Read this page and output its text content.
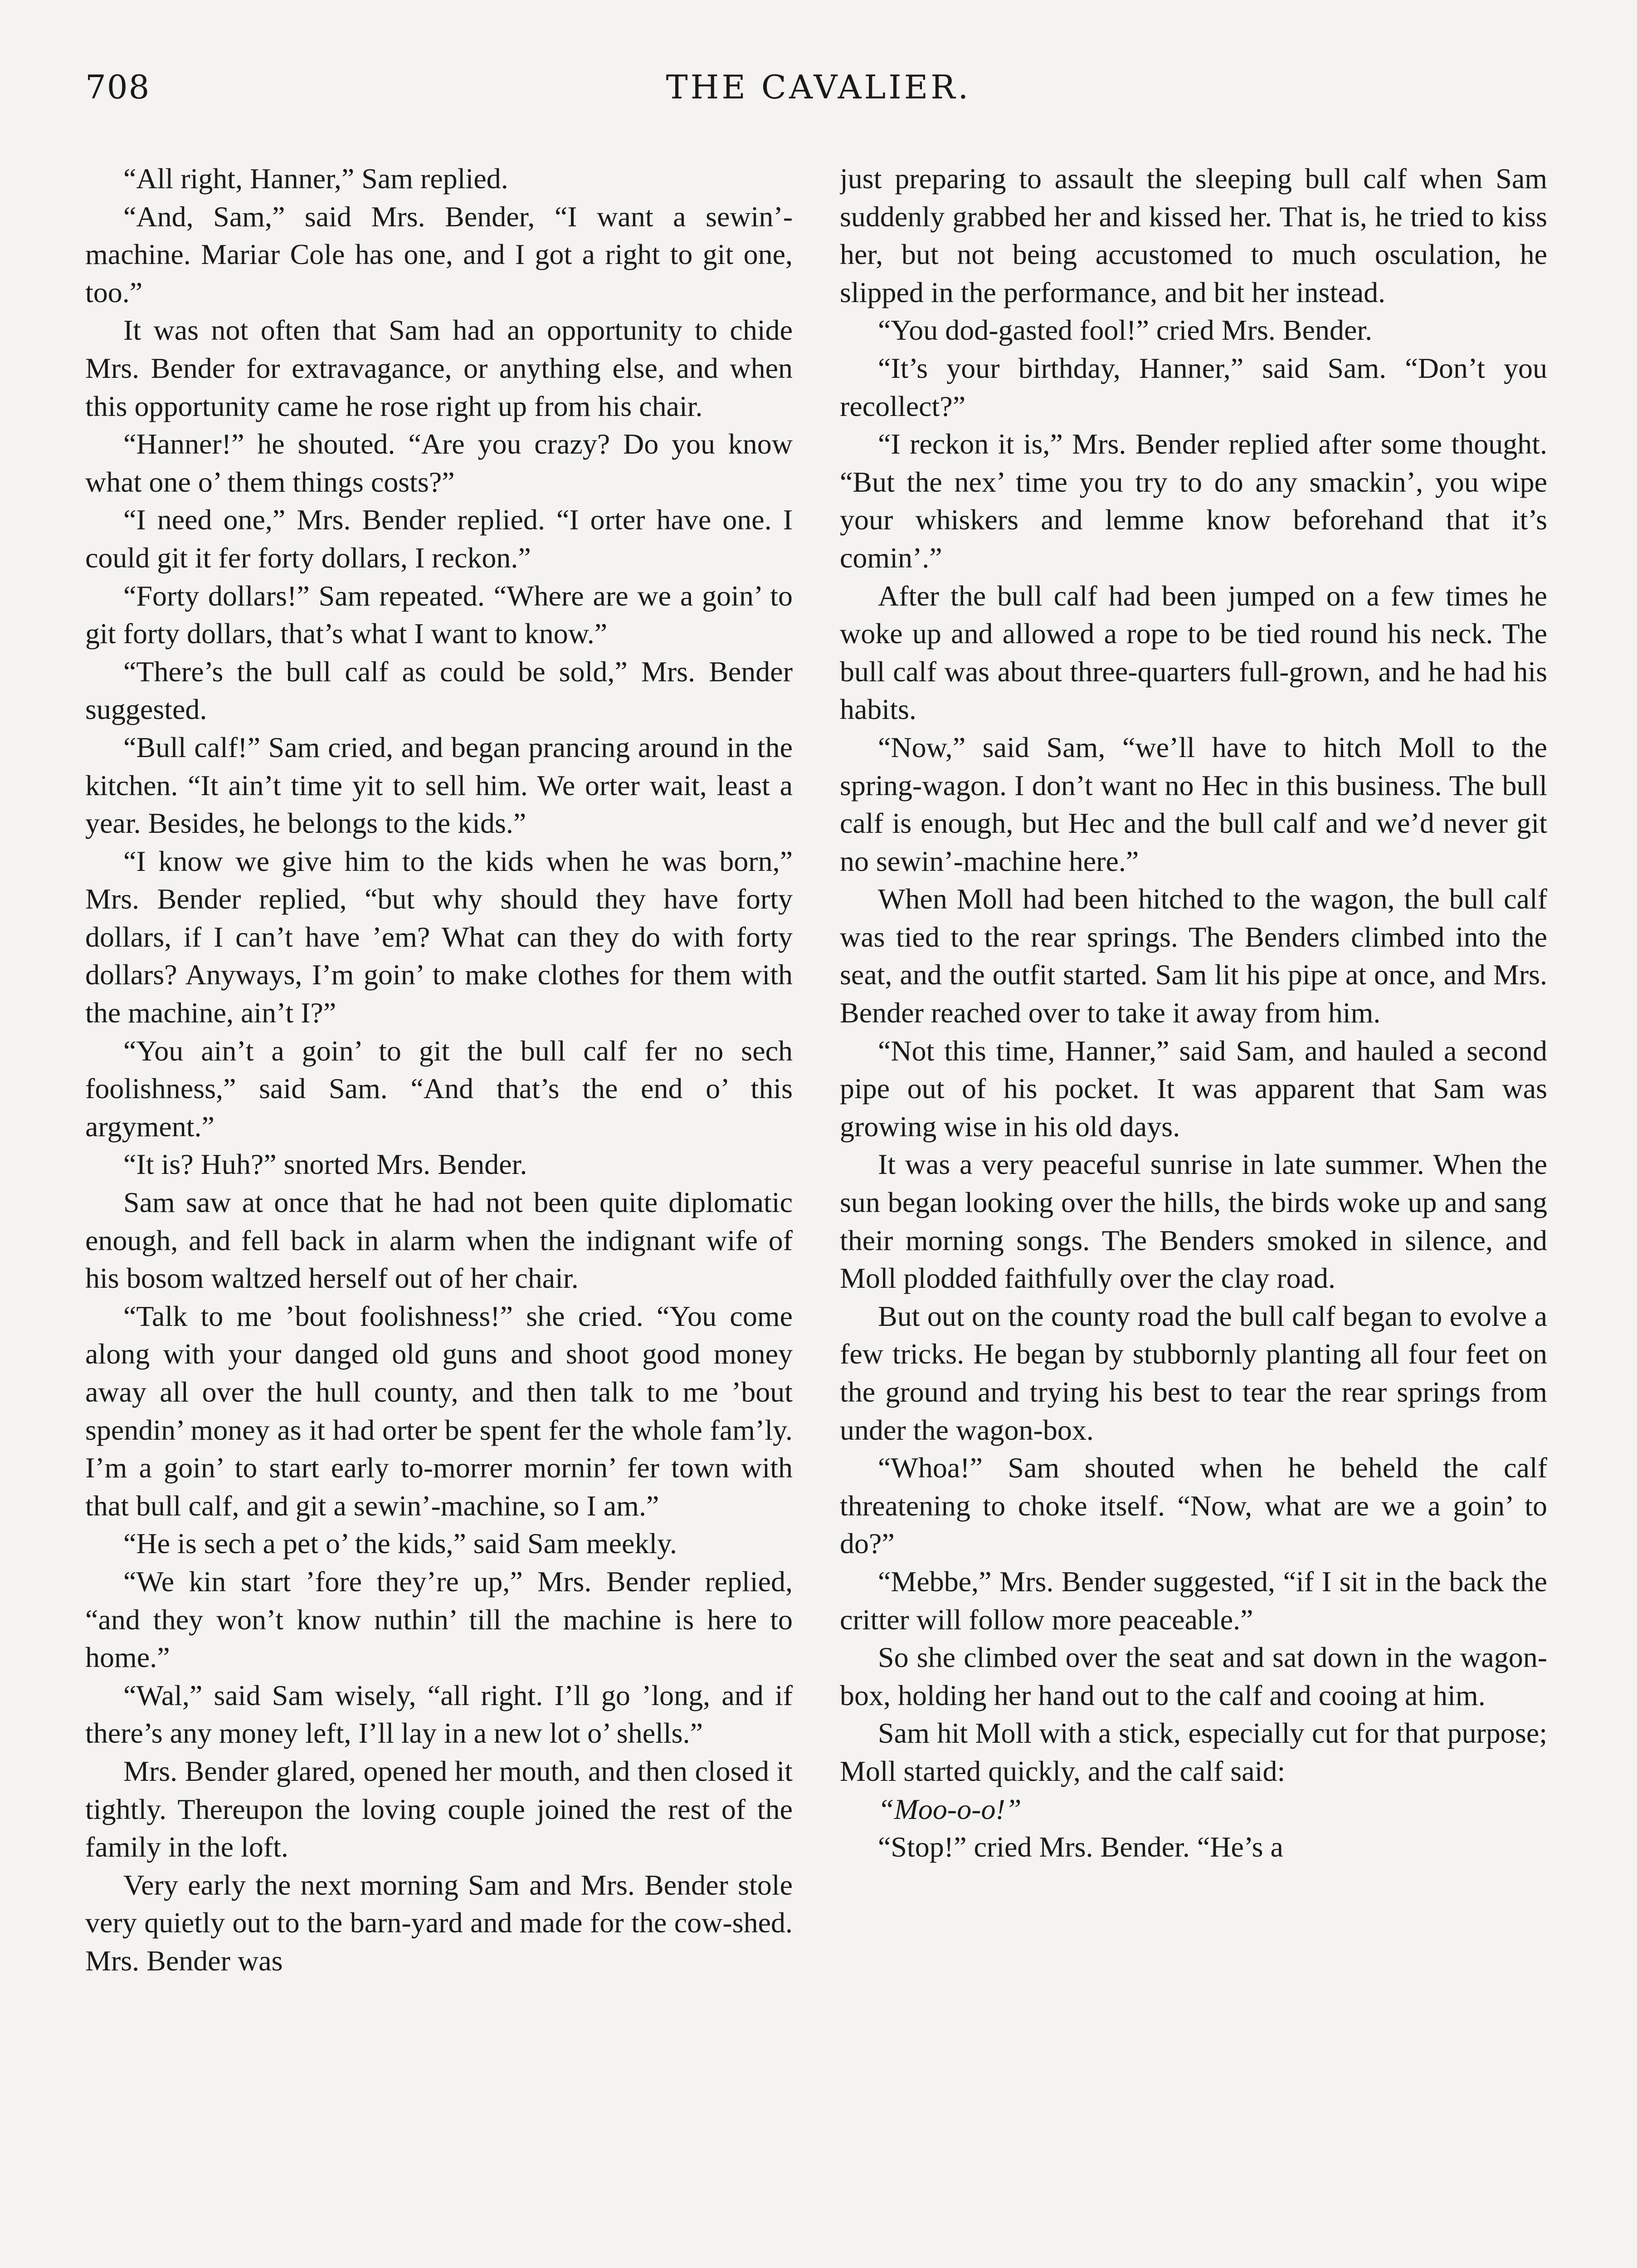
708	THE CAVALIER.

“All right, Hanner,” Sam replied.

“And, Sam,” said Mrs. Bender, “I want a sewin’-machine. Mariar Cole has one, and I got a right to git one, too.”

It was not often that Sam had an opportunity to chide Mrs. Bender for extravagance, or anything else, and when this opportunity came he rose right up from his chair.

“Hanner!” he shouted. “Are you crazy? Do you know what one o’ them things costs?”

“I need one,” Mrs. Bender replied. “I orter have one. I could git it fer forty dollars, I reckon.”

“Forty dollars!” Sam repeated. “Where are we a goin’ to git forty dollars, that’s what I want to know.”

“There’s the bull calf as could be sold,” Mrs. Bender suggested.

“Bull calf!” Sam cried, and began prancing around in the kitchen. “It ain’t time yit to sell him. We orter wait, least a year. Besides, he belongs to the kids.”

“I know we give him to the kids when he was born,” Mrs. Bender replied, “but why should they have forty dollars, if I can’t have ’em? What can they do with forty dollars? Anyways, I’m goin’ to make clothes for them with the machine, ain’t I?”

“You ain’t a goin’ to git the bull calf fer no sech foolishness,” said Sam. “And that’s the end o’ this argyment.”

“It is? Huh?” snorted Mrs. Bender.

Sam saw at once that he had not been quite diplomatic enough, and fell back in alarm when the indignant wife of his bosom waltzed herself out of her chair.

“Talk to me ’bout foolishness!” she cried. “You come along with your danged old guns and shoot good money away all over the hull county, and then talk to me ’bout spendin’ money as it had orter be spent fer the whole fam’ly. I’m a goin’ to start early to-morrer mornin’ fer town with that bull calf, and git a sewin’-machine, so I am.”

“He is sech a pet o’ the kids,” said Sam meekly.

“We kin start ’fore they’re up,” Mrs. Bender replied, “and they won’t know nuthin’ till the machine is here to home.”

“Wal,” said Sam wisely, “all right. I’ll go ’long, and if there’s any money left, I’ll lay in a new lot o’ shells.”

Mrs. Bender glared, opened her mouth, and then closed it tightly. Thereupon the loving couple joined the rest of the family in the loft.

Very early the next morning Sam and Mrs. Bender stole very quietly out to the barn-yard and made for the cow-shed. Mrs. Bender was

just preparing to assault the sleeping bull calf when Sam suddenly grabbed her and kissed her. That is, he tried to kiss her, but not being accustomed to much osculation, he slipped in the performance, and bit her instead.

“You dod-gasted fool!” cried Mrs. Bender.

“It’s your birthday, Hanner,” said Sam. “Don’t you recollect?”

“I reckon it is,” Mrs. Bender replied after some thought. “But the nex’ time you try to do any smackin’, you wipe your whiskers and lemme know beforehand that it’s comin’.”

After the bull calf had been jumped on a few times he woke up and allowed a rope to be tied round his neck. The bull calf was about three-quarters full-grown, and he had his habits.

“Now,” said Sam, “we’ll have to hitch Moll to the spring-wagon. I don’t want no Hec in this business. The bull calf is enough, but Hec and the bull calf and we’d never git no sewin’-machine here.”

When Moll had been hitched to the wagon, the bull calf was tied to the rear springs. The Benders climbed into the seat, and the outfit started. Sam lit his pipe at once, and Mrs. Bender reached over to take it away from him.

“Not this time, Hanner,” said Sam, and hauled a second pipe out of his pocket. It was apparent that Sam was growing wise in his old days.

It was a very peaceful sunrise in late summer. When the sun began looking over the hills, the birds woke up and sang their morning songs. The Benders smoked in silence, and Moll plodded faithfully over the clay road.

But out on the county road the bull calf began to evolve a few tricks. He began by stubbornly planting all four feet on the ground and trying his best to tear the rear springs from under the wagon-box.

“Whoa!” Sam shouted when he beheld the calf threatening to choke itself. “Now, what are we a goin’ to do?”

“Mebbe,” Mrs. Bender suggested, “if I sit in the back the critter will follow more peaceable.”

So she climbed over the seat and sat down in the wagon-box, holding her hand out to the calf and cooing at him.

Sam hit Moll with a stick, especially cut for that purpose; Moll started quickly, and the calf said:

“Moo-o-o!”

“Stop!” cried Mrs. Bender. “He’s a
